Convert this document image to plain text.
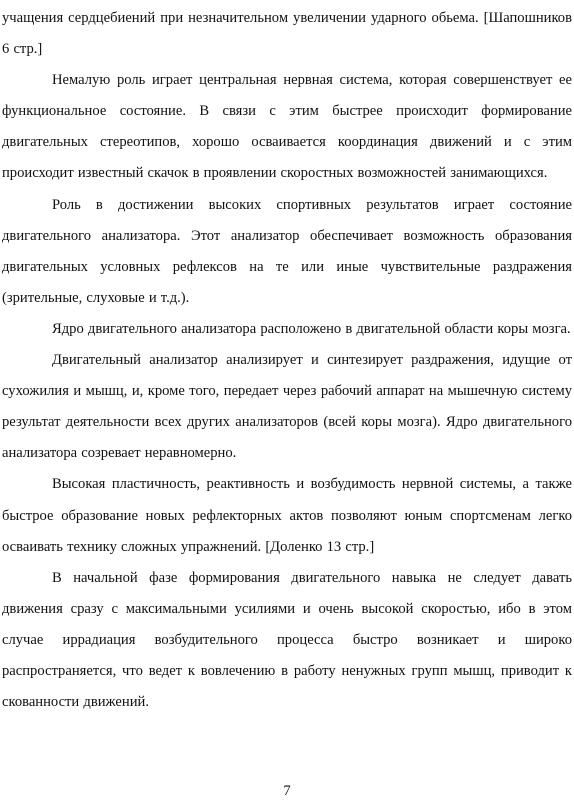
учащения сердцебиений при незначительном увеличении ударного обьема. [Шапошников 6 стр.]

Немалую роль играет центральная нервная система, которая совершенствует ее функциональное состояние. В связи с этим быстрее происходит формирование двигательных стереотипов, хорошо осваивается координация движений и с этим происходит известный скачок в проявлении скоростных возможностей занимающихся.

Роль в достижении высоких спортивных результатов играет состояние двигательного анализатора. Этот анализатор обеспечивает возможность образования двигательных условных рефлексов на те или иные чувствительные раздражения (зрительные, слуховые и т.д.).

Ядро двигательного анализатора расположено в двигательной области коры мозга.

Двигательный анализатор анализирует и синтезирует раздражения, идущие от сухожилия и мышц, и, кроме того, передает через рабочий аппарат на мышечную систему результат деятельности всех других анализаторов (всей коры мозга). Ядро двигательного анализатора созревает неравномерно.

Высокая пластичность, реактивность и возбудимость нервной системы, а также быстрое образование новых рефлекторных актов позволяют юным спортсменам легко осваивать технику сложных упражнений. [Доленко 13 стр.]

В начальной фазе формирования двигательного навыка не следует давать движения сразу с максимальными усилиями и очень высокой скоростью, ибо в этом случае иррадиация возбудительного процесса быстро возникает и широко распространяется, что ведет к вовлечению в работу ненужных групп мышц, приводит к скованности движений.

7
